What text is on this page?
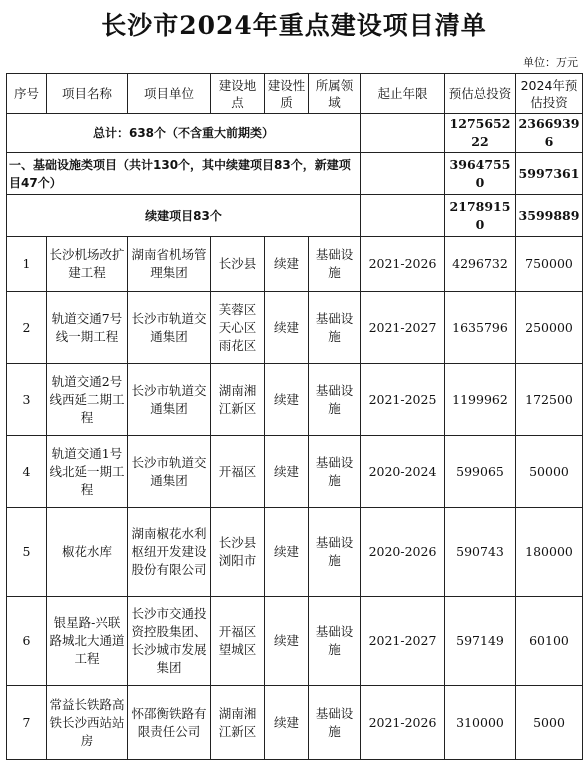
长沙市2024年重点建设项目清单
单位：万元
序号	项目名称	项目单位	建设地点	建设性质	所属领域	起止年限	预估总投资	2024年预估投资
总计：638个（不含重大前期类）							127565222	23669396
一、基础设施类项目（共计130个，其中续建项目83个，新建项目47个）							39647550	5997361
续建项目83个							21789150	3599889
1	长沙机场改扩建工程	湖南省机场管理集团	长沙县	续建	基础设施	2021-2026	4296732	750000
2	轨道交通7号线一期工程	长沙市轨道交通集团	芙蓉区天心区雨花区	续建	基础设施	2021-2027	1635796	250000
3	轨道交通2号线西延二期工程	长沙市轨道交通集团	湖南湘江新区	续建	基础设施	2021-2025	1199962	172500
4	轨道交通1号线北延一期工程	长沙市轨道交通集团	开福区	续建	基础设施	2020-2024	599065	50000
5	椒花水库	湖南椒花水利枢纽开发建设股份有限公司	长沙县浏阳市	续建	基础设施	2020-2026	590743	180000
6	银星路-兴联路城北大通道工程	长沙市交通投资控股集团、长沙城市发展集团	开福区望城区	续建	基础设施	2021-2027	597149	60100
7	常益长铁路高铁长沙西站站房	怀邵衡铁路有限责任公司	湖南湘江新区	续建	基础设施	2021-2026	310000	5000
